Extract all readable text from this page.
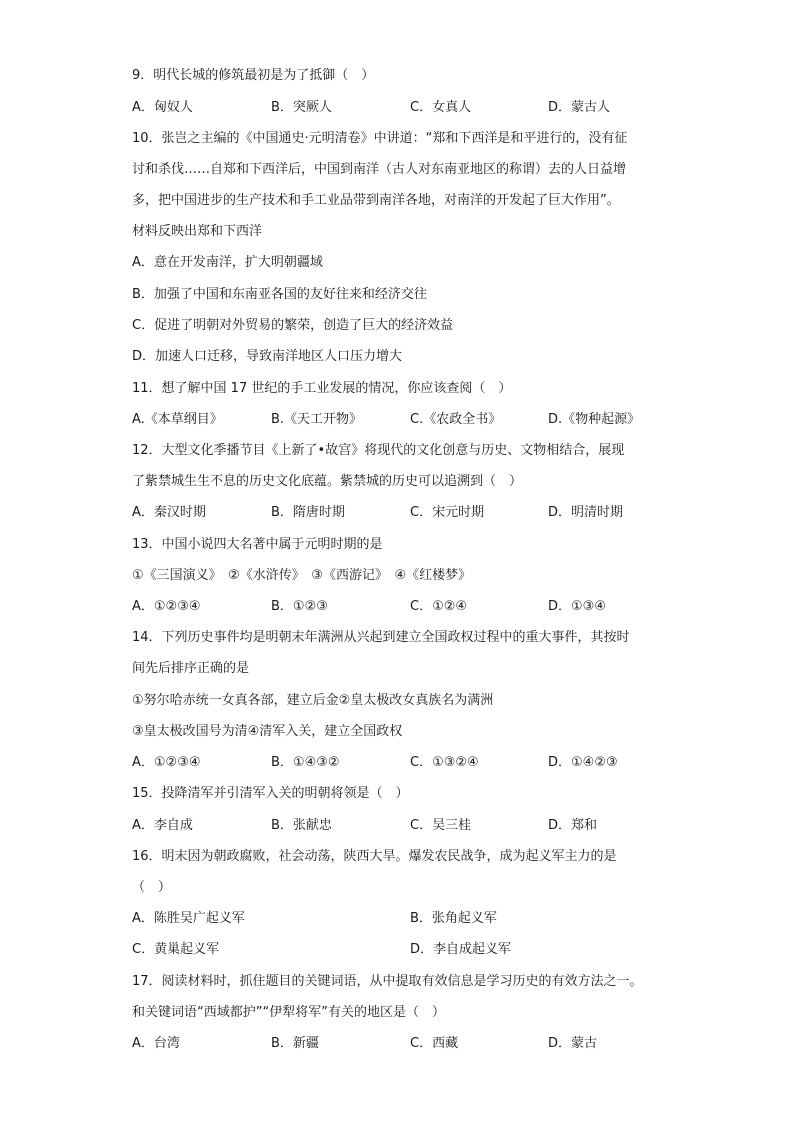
9．明代长城的修筑最初是为了抵御（　）
A．匈奴人	B．突厥人	C．女真人	D．蒙古人
10．张岂之主编的《中国通史·元明清卷》中讲道：“郑和下西洋是和平进行的，没有征
讨和杀伐……自郑和下西洋后，中国到南洋（古人对东南亚地区的称谓）去的人日益增
多，把中国进步的生产技术和手工业品带到南洋各地，对南洋的开发起了巨大作用”。
材料反映出郑和下西洋
A．意在开发南洋，扩大明朝疆域
B．加强了中国和东南亚各国的友好往来和经济交往
C．促进了明朝对外贸易的繁荣，创造了巨大的经济效益
D．加速人口迁移，导致南洋地区人口压力增大
11．想了解中国 17 世纪的手工业发展的情况，你应该查阅（　）
A.《本草纲目》	B.《天工开物》	C.《农政全书》	D.《物种起源》
12．大型文化季播节目《上新了•故宫》将现代的文化创意与历史、文物相结合，展现
了紫禁城生生不息的历史文化底蕴。紫禁城的历史可以追溯到（　）
A．秦汉时期	B．隋唐时期	C．宋元时期	D．明清时期
13．中国小说四大名著中属于元明时期的是
①《三国演义》　②《水浒传》　③《西游记》　④《红楼梦》
A．①②③④	B．①②③	C．①②④	D．①③④
14．下列历史事件均是明朝末年满洲从兴起到建立全国政权过程中的重大事件，其按时
间先后排序正确的是
①努尔哈赤统一女真各部，建立后金②皇太极改女真族名为满洲
③皇太极改国号为清④清军入关，建立全国政权
A．①②③④	B．①④③②	C．①③②④	D．①④②③
15．投降清军并引清军入关的明朝将领是（　）
A．李自成	B．张献忠	C．吴三桂	D．郑和
16．明末因为朝政腐败，社会动荡，陕西大旱。爆发农民战争，成为起义军主力的是
（　）
A．陈胜吴广起义军	B．张角起义军
C．黄巢起义军	D．李自成起义军
17．阅读材料时，抓住题目的关键词语，从中提取有效信息是学习历史的有效方法之一。
和关键词语“西域都护”“伊犁将军”有关的地区是（　）
A．台湾	B．新疆	C．西藏	D．蒙古
